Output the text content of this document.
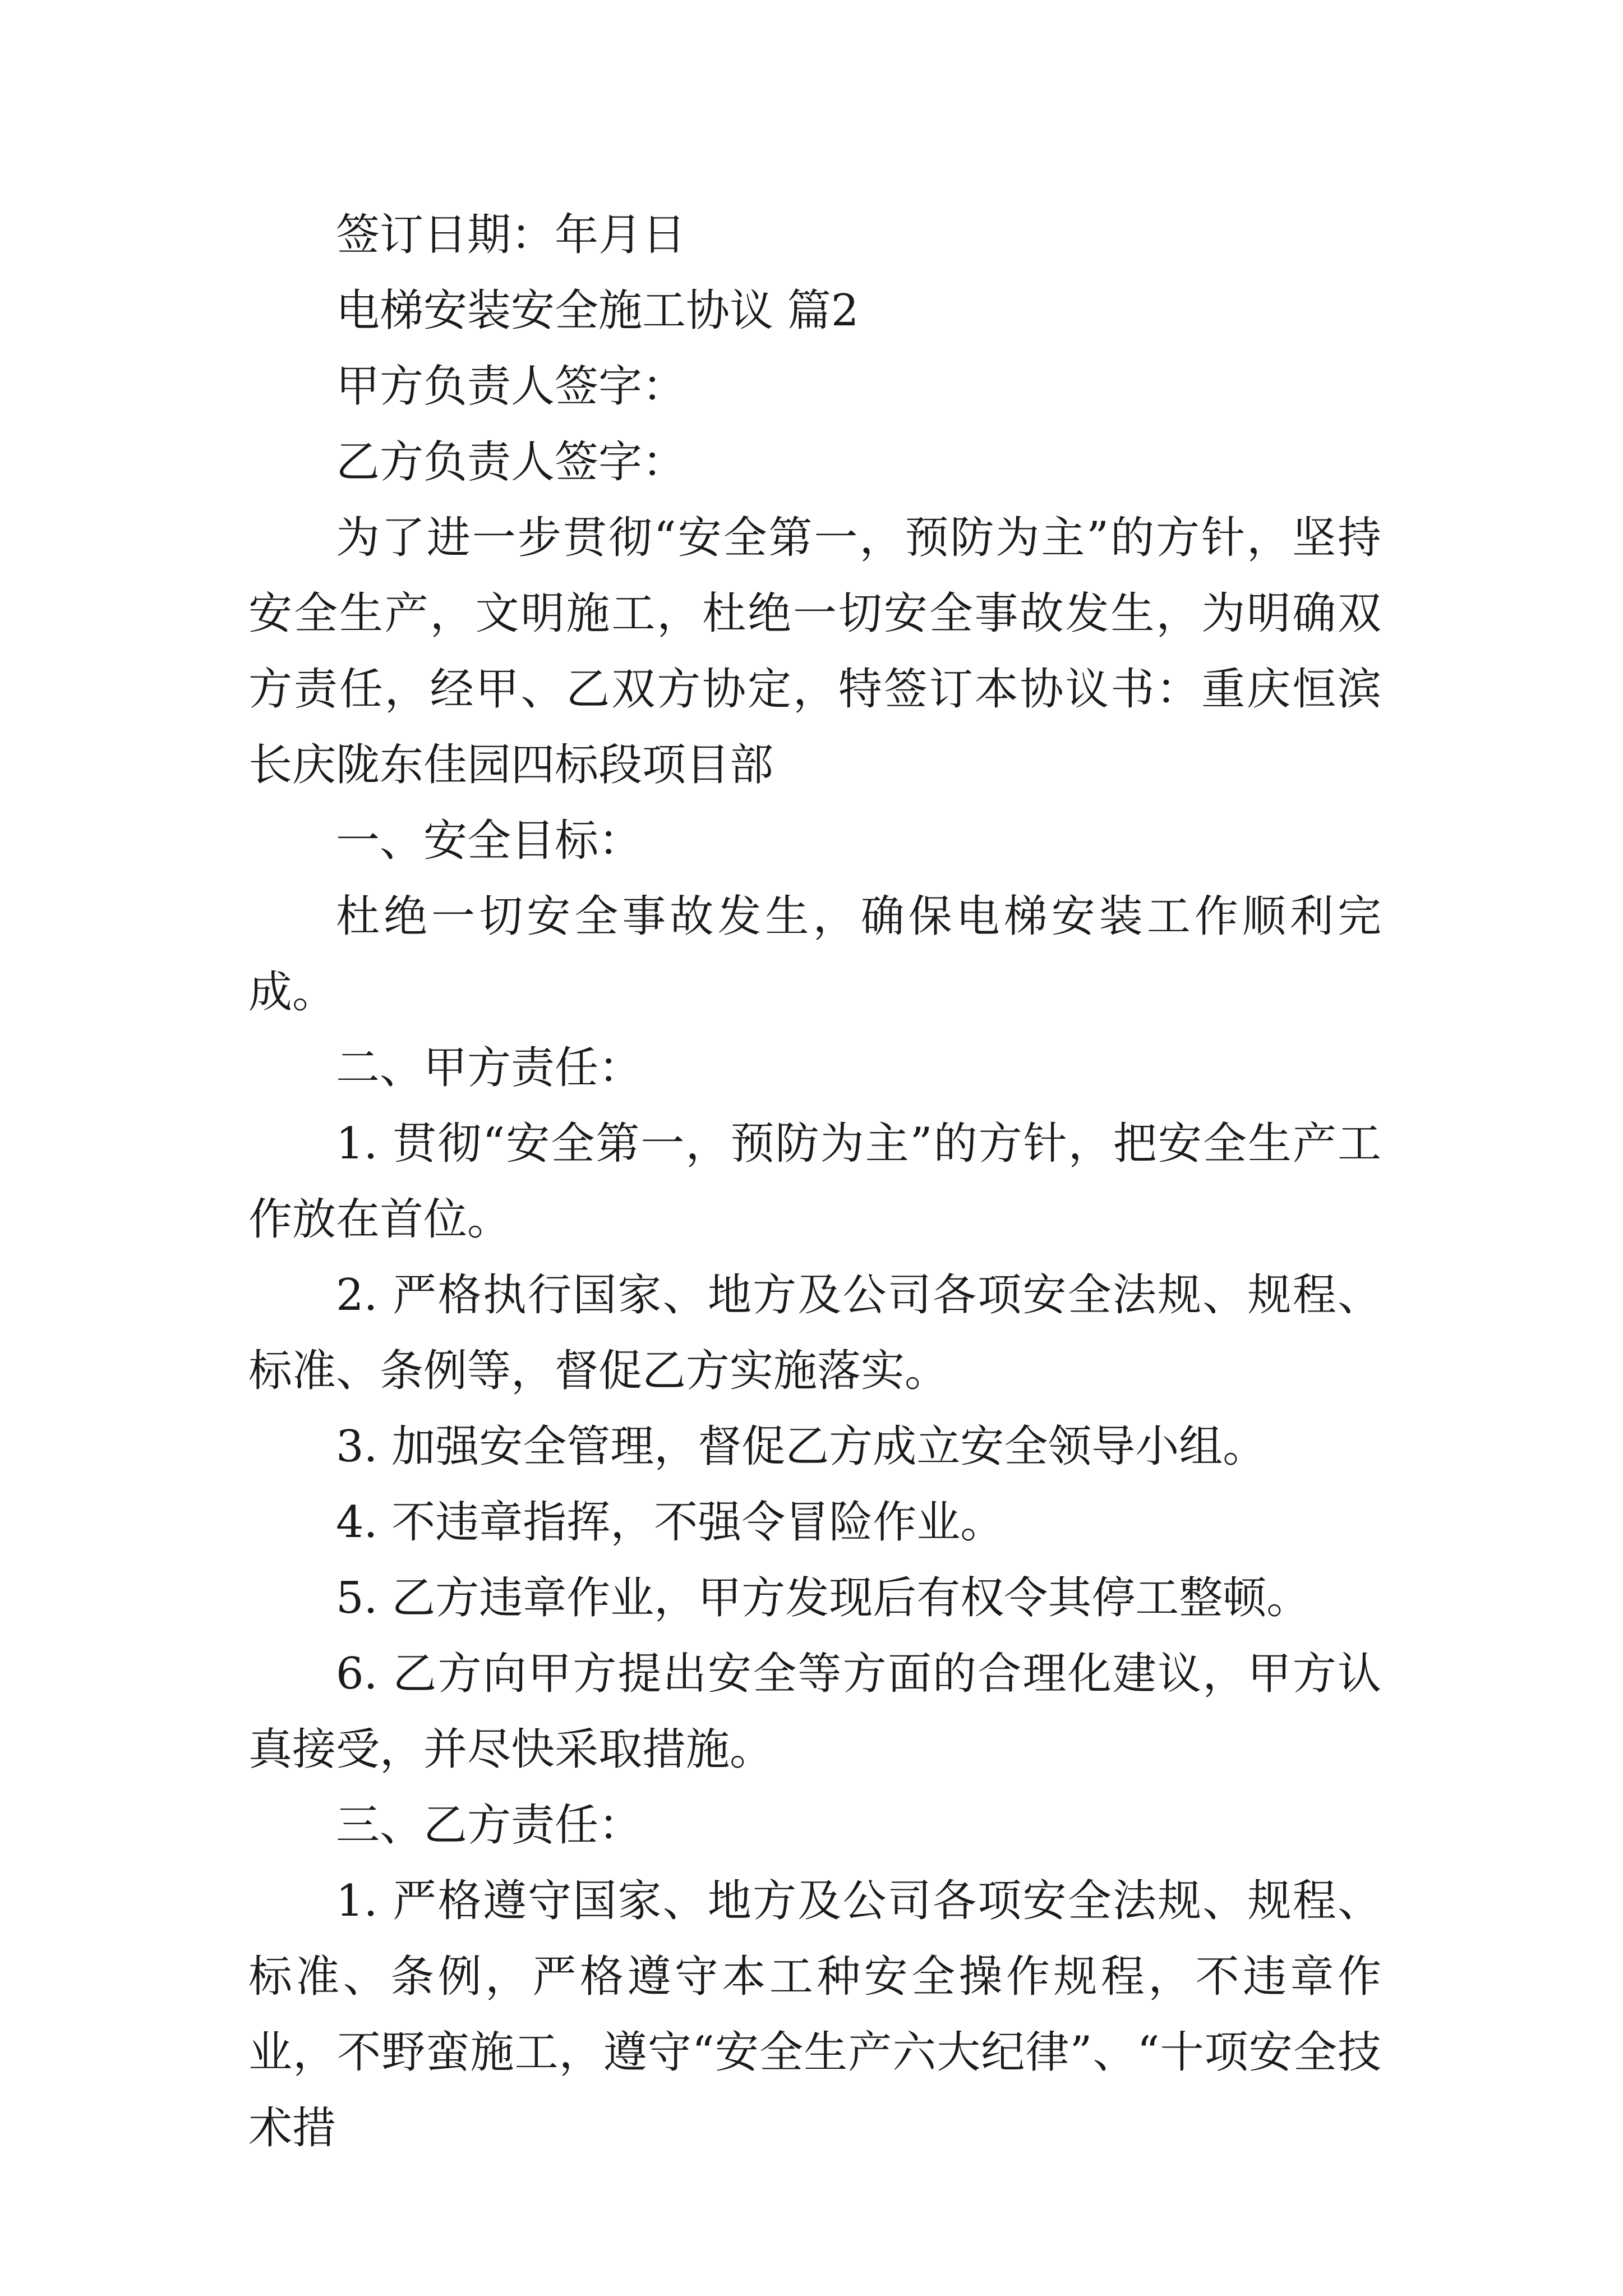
签订日期：年月日

电梯安装安全施工协议 篇2

甲方负责人签字：

乙方负责人签字：

为了进一步贯彻“安全第一，预防为主”的方针，坚持安全生产，文明施工，杜绝一切安全事故发生，为明确双方责任，经甲、乙双方协定，特签订本协议书：重庆恒滨长庆陇东佳园四标段项目部

一、安全目标：

杜绝一切安全事故发生，确保电梯安装工作顺利完成。

二、甲方责任：

1. 贯彻“安全第一，预防为主”的方针，把安全生产工作放在首位。

2. 严格执行国家、地方及公司各项安全法规、规程、标准、条例等，督促乙方实施落实。

3. 加强安全管理，督促乙方成立安全领导小组。

4. 不违章指挥，不强令冒险作业。

5. 乙方违章作业，甲方发现后有权令其停工整顿。

6. 乙方向甲方提出安全等方面的合理化建议，甲方认真接受，并尽快采取措施。

三、乙方责任：

1. 严格遵守国家、地方及公司各项安全法规、规程、标准、条例，严格遵守本工种安全操作规程，不违章作业，不野蛮施工，遵守“安全生产六大纪律”、“十项安全技术措
